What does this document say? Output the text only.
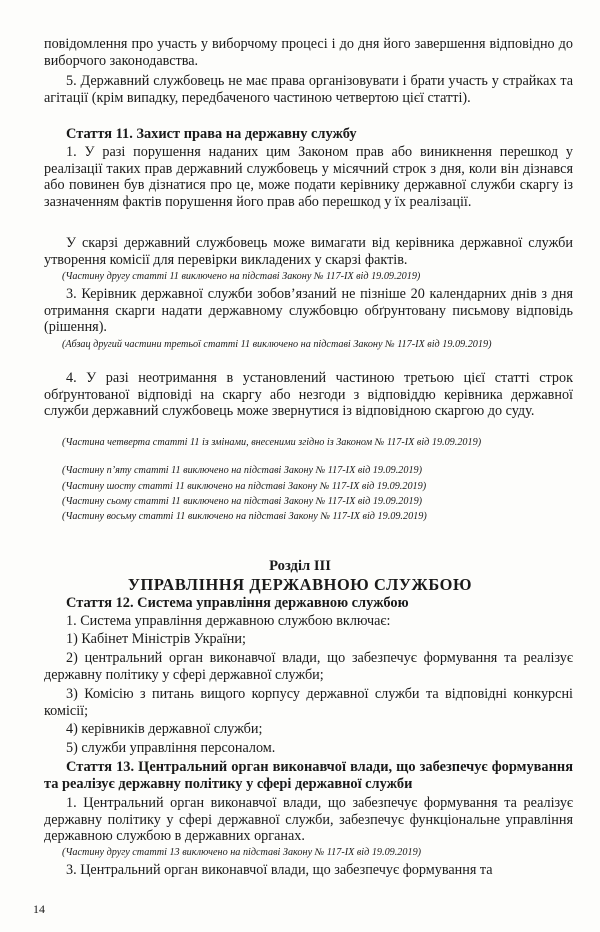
повідомлення про участь у виборчому процесі і до дня його завершення відповідно до виборчого законодавства.

5. Державний службовець не має права організовувати і брати участь у страйках та агітації (крім випадку, передбаченого частиною четвертою цієї статті).

Стаття 11. Захист права на державну службу

1. У разі порушення наданих цим Законом прав або виникнення перешкод у реалізації таких прав державний службовець у місячний строк з дня, коли він дізнався або повинен був дізнатися про це, може подати керівнику державної служби скаргу із зазначенням фактів порушення його прав або перешкод у їх реалізації.

У скарзі державний службовець може вимагати від керівника державної служби утворення комісії для перевірки викладених у скарзі фактів.

(Частину другу статті 11 виключено на підставі Закону № 117-IX від 19.09.2019)

3. Керівник державної служби зобов’язаний не пізніше 20 календарних днів з дня отримання скарги надати державному службовцю обґрунтовану письмову відповідь (рішення).

(Абзац другий частини третьої статті 11 виключено на підставі Закону № 117-IX від 19.09.2019)

4. У разі неотримання в установлений частиною третьою цієї статті строк обґрунтованої відповіді на скаргу або незгоди з відповіддю керівника державної служби державний службовець може звернутися із відповідною скаргою до суду.

(Частина четверта статті 11 із змінами, внесеними згідно із Законом № 117-IX від 19.09.2019)

(Частину п’яту статті 11 виключено на підставі Закону № 117-IX від 19.09.2019)

(Частину шосту статті 11 виключено на підставі Закону № 117-IX від 19.09.2019)

(Частину сьому статті 11 виключено на підставі Закону № 117-IX від 19.09.2019)

(Частину восьму статті 11 виключено на підставі Закону № 117-IX від 19.09.2019)

Розділ III

УПРАВЛІННЯ ДЕРЖАВНОЮ СЛУЖБОЮ

Стаття 12. Система управління державною службою

1. Система управління державною службою включає:

1) Кабінет Міністрів України;

2) центральний орган виконавчої влади, що забезпечує формування та реалізує державну політику у сфері державної служби;

3) Комісію з питань вищого корпусу державної служби та відповідні конкурсні комісії;

4) керівників державної служби;

5) служби управління персоналом.

Стаття 13. Центральний орган виконавчої влади, що забезпечує формування та реалізує державну політику у сфері державної служби

1. Центральний орган виконавчої влади, що забезпечує формування та реалізує державну політику у сфері державної служби, забезпечує функціональне управління державною службою в державних органах.

(Частину другу статті 13 виключено на підставі Закону № 117-IX від 19.09.2019)

3. Центральний орган виконавчої влади, що забезпечує формування та

14
